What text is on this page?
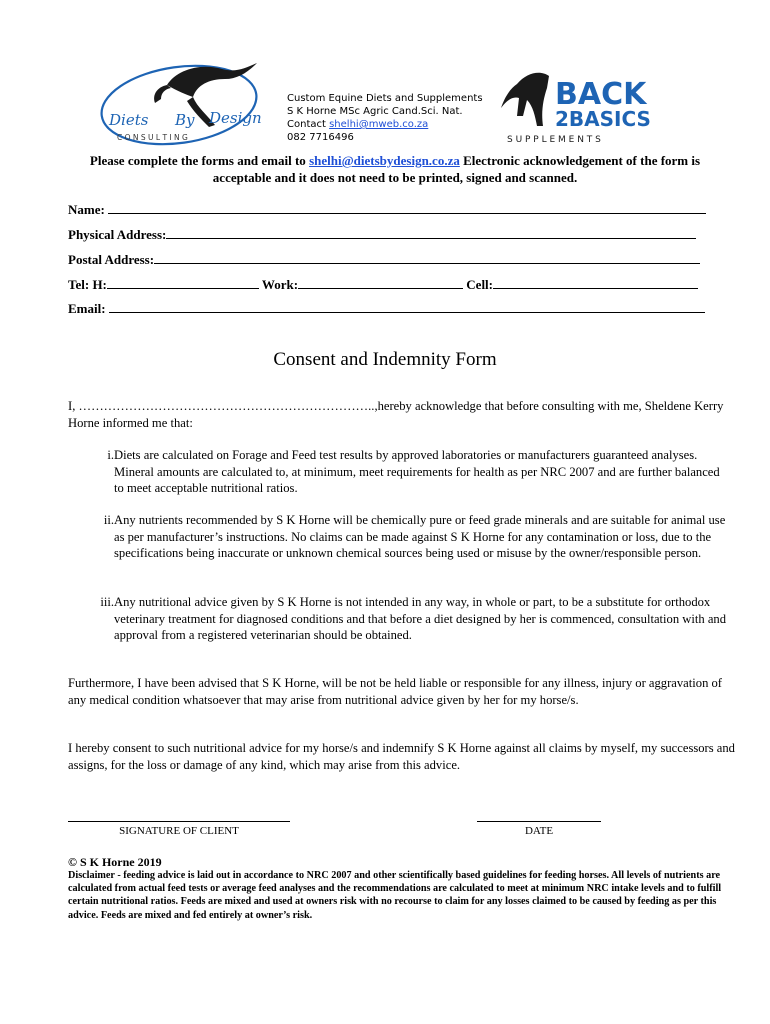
Diets By Design
C O N S U L T I N G
Custom Equine Diets and Supplements
S K Horne MSc Agric Cand.Sci. Nat.
Contact shelhi@mweb.co.za
082 7716496
BACK
2BASICS
S U P P L E M E N T S
Please complete the forms and email to shelhi@dietsbydesign.co.za Electronic acknowledgement of the form is acceptable and it does not need to be printed, signed and scanned.
Name:
Physical Address:
Postal Address:
Tel: H:	Work:	Cell:
Email:
Consent and Indemnity Form
I, ……………………………………………………………..,hereby acknowledge that before consulting with me, Sheldene Kerry Horne informed me that:
i. Diets are calculated on Forage and Feed test results by approved laboratories or manufacturers guaranteed analyses. Mineral amounts are calculated to, at minimum, meet requirements for health as per NRC 2007 and are further balanced to meet acceptable nutritional ratios.
ii. Any nutrients recommended by S K Horne will be chemically pure or feed grade minerals and are suitable for animal use as per manufacturer’s instructions. No claims can be made against S K Horne for any contamination or loss, due to the specifications being inaccurate or unknown chemical sources being used or misuse by the owner/responsible person.
iii. Any nutritional advice given by S K Horne is not intended in any way, in whole or part, to be a substitute for orthodox veterinary treatment for diagnosed conditions and that before a diet designed by her is commenced, consultation with and approval from a registered veterinarian should be obtained.
Furthermore, I have been advised that S K Horne, will be not be held liable or responsible for any illness, injury or aggravation of any medical condition whatsoever that may arise from nutritional advice given by her for my horse/s.
I hereby consent to such nutritional advice for my horse/s and indemnify S K Horne against all claims by myself, my successors and assigns, for the loss or damage of any kind, which may arise from this advice.
SIGNATURE OF CLIENT	DATE
© S K Horne 2019
Disclaimer - feeding advice is laid out in accordance to NRC 2007 and other scientifically based guidelines for feeding horses. All levels of nutrients are calculated from actual feed tests or average feed analyses and the recommendations are calculated to meet at minimum NRC intake levels and to fulfill certain nutritional ratios. Feeds are mixed and used at owners risk with no recourse to claim for any losses claimed to be caused by feeding as per this advice. Feeds are mixed and fed entirely at owner’s risk.
